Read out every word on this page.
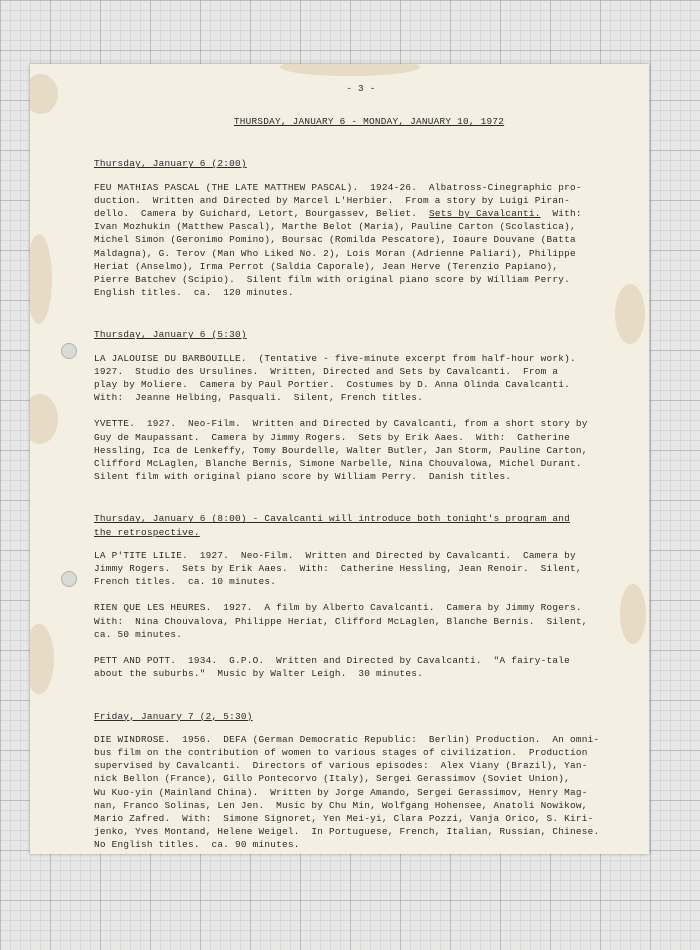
- 3 -
THURSDAY, JANUARY 6 - MONDAY, JANUARY 10, 1972
Thursday, January 6 (2:00)
FEU MATHIAS PASCAL (THE LATE MATTHEW PASCAL).  1924-26.  Albatross-Cinegraphic pro-
duction.  Written and Directed by Marcel L'Herbier.  From a story by Luigi Piran-
dello.  Camera by Guichard, Letort, Bourgassev, Beliet.  Sets by Cavalcanti.  With:
Ivan Mozhukin (Matthew Pascal), Marthe Belot (Maria), Pauline Carton (Scolastica),
Michel Simon (Geronimo Pomino), Boursac (Romilda Pescatore), Ioaure Douvane (Batta
Maldagna), G. Terov (Man Who Liked No. 2), Lois Moran (Adrienne Paliari), Philippe
Heriat (Anselmo), Irma Perrot (Saldia Caporale), Jean Herve (Terenzio Papiano),
Pierre Batchev (Scipio).  Silent film with original piano score by William Perry.
English titles.  ca.  120 minutes.
Thursday, January 6 (5:30)
LA JALOUISE DU BARBOUILLE.  (Tentative - five-minute excerpt from half-hour work).
1927.  Studio des Ursulines.  Written, Directed and Sets by Cavalcanti.  From a
play by Moliere.  Camera by Paul Portier.  Costumes by D. Anna Olinda Cavalcanti.
With:  Jeanne Helbing, Pasquali.  Silent, French titles.
YVETTE.  1927.  Neo-Film.  Written and Directed by Cavalcanti, from a short story by
Guy de Maupassant.  Camera by Jimmy Rogers.  Sets by Erik Aaes.  With:  Catherine
Hessling, Ica de Lenkeffy, Tomy Bourdelle, Walter Butler, Jan Storm, Pauline Carton,
Clifford McLaglen, Blanche Bernis, Simone Narbelle, Nina Chouvalowa, Michel Durant.
Silent film with original piano score by William Perry.  Danish titles.
Thursday, January 6 (8:00) - Cavalcanti will introduce both tonight's program and
the retrospective.
LA P'TITE LILIE.  1927.  Neo-Film.  Written and Directed by Cavalcanti.  Camera by
Jimmy Rogers.  Sets by Erik Aaes.  With:  Catherine Hessling, Jean Renoir.  Silent,
French titles.  ca. 10 minutes.
RIEN QUE LES HEURES.  1927.  A film by Alberto Cavalcanti.  Camera by Jimmy Rogers.
With:  Nina Chouvalova, Philippe Heriat, Clifford McLaglen, Blanche Bernis.  Silent,
ca. 50 minutes.
PETT AND POTT.  1934.  G.P.O.  Written and Directed by Cavalcanti.  "A fairy-tale
about the suburbs."  Music by Walter Leigh.  30 minutes.
Friday, January 7 (2, 5:30)
DIE WINDROSE.  1956.  DEFA (German Democratic Republic:  Berlin) Production.  An omni-
bus film on the contribution of women to various stages of civilization.  Production
supervised by Cavalcanti.  Directors of various episodes:  Alex Viany (Brazil), Yan-
nick Bellon (France), Gillo Pontecorvo (Italy), Sergei Gerassimov (Soviet Union),
Wu Kuo-yin (Mainland China).  Written by Jorge Amando, Sergei Gerassimov, Henry Mag-
nan, Franco Solinas, Len Jen.  Music by Chu Min, Wolfgang Hohensee, Anatoli Nowikow,
Mario Zafred.  With:  Simone Signoret, Yen Mei-yi, Clara Pozzi, Vanja Orico, S. Kiri-
jenko, Yves Montand, Helene Weigel.  In Portuguese, French, Italian, Russian, Chinese.
No English titles.  ca. 90 minutes.
